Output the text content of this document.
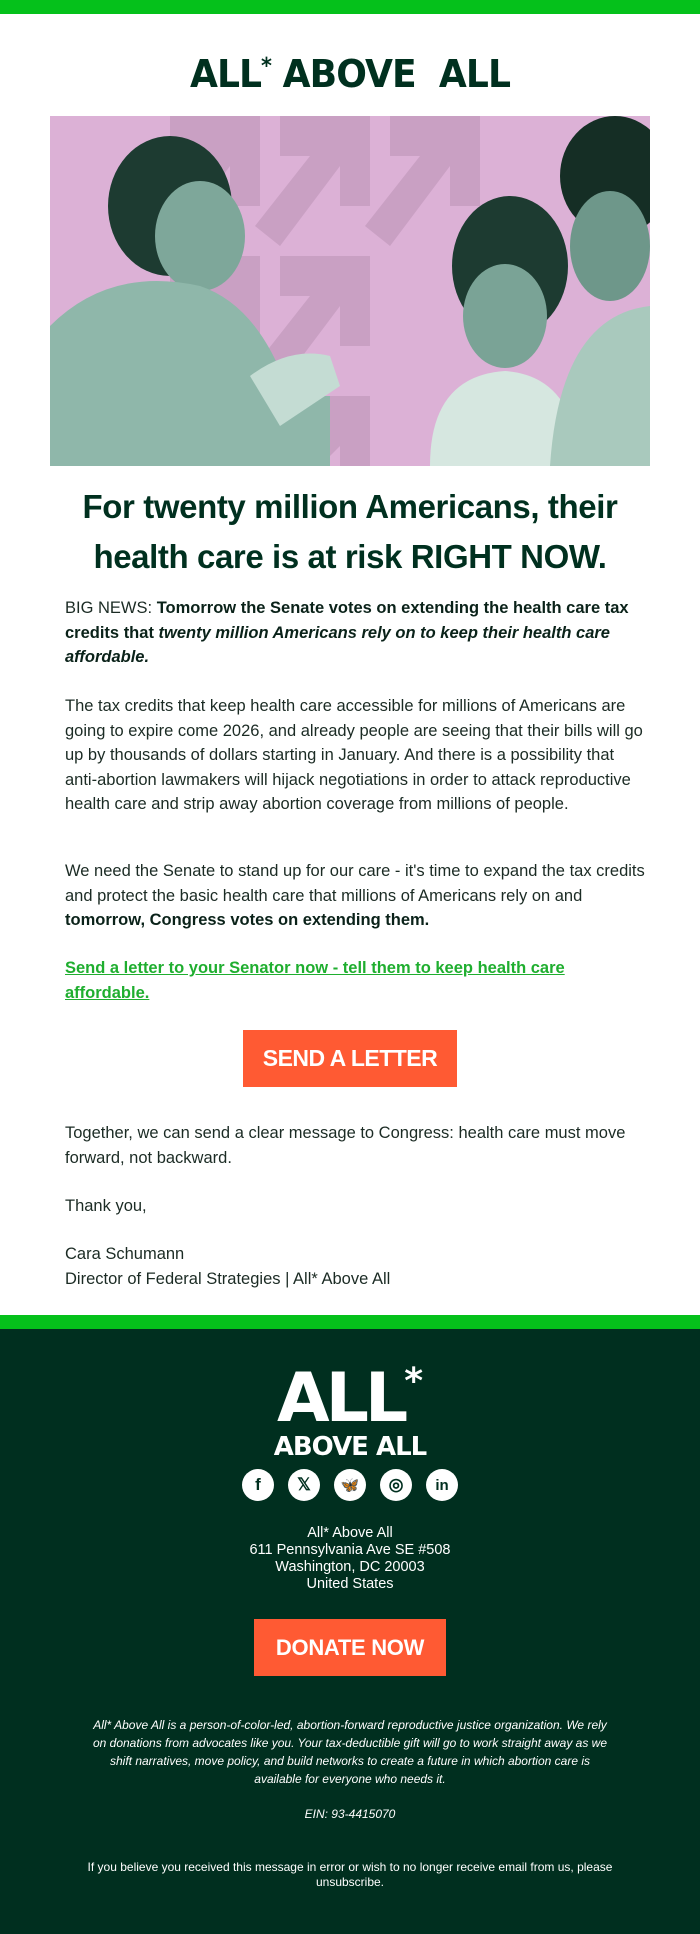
ALL* ABOVE  ALL
For twenty million Americans, their health care is at risk RIGHT NOW.
BIG NEWS: Tomorrow the Senate votes on extending the health care tax credits that twenty million Americans rely on to keep their health care affordable.
The tax credits that keep health care accessible for millions of Americans are going to expire come 2026, and already people are seeing that their bills will go up by thousands of dollars starting in January. And there is a possibility that anti-abortion lawmakers will hijack negotiations in order to attack reproductive health care and strip away abortion coverage from millions of people.
We need the Senate to stand up for our care - it's time to expand the tax credits and protect the basic health care that millions of Americans rely on and tomorrow, Congress votes on extending them.
Send a letter to your Senator now - tell them to keep health care affordable.
SEND A LETTER
Together, we can send a clear message to Congress: health care must move forward, not backward.
Thank you,
Cara Schumann
Director of Federal Strategies | All* Above All
ALL*
ABOVE ALL
f	𝕏	🦋	◎	in
All* Above All
611 Pennsylvania Ave SE #508
Washington, DC 20003
United States
DONATE NOW
All* Above All is a person-of-color-led, abortion-forward reproductive justice organization. We rely on donations from advocates like you. Your tax-deductible gift will go to work straight away as we shift narratives, move policy, and build networks to create a future in which abortion care is available for everyone who needs it.
EIN: 93-4415070
If you believe you received this message in error or wish to no longer receive email from us, please unsubscribe.
